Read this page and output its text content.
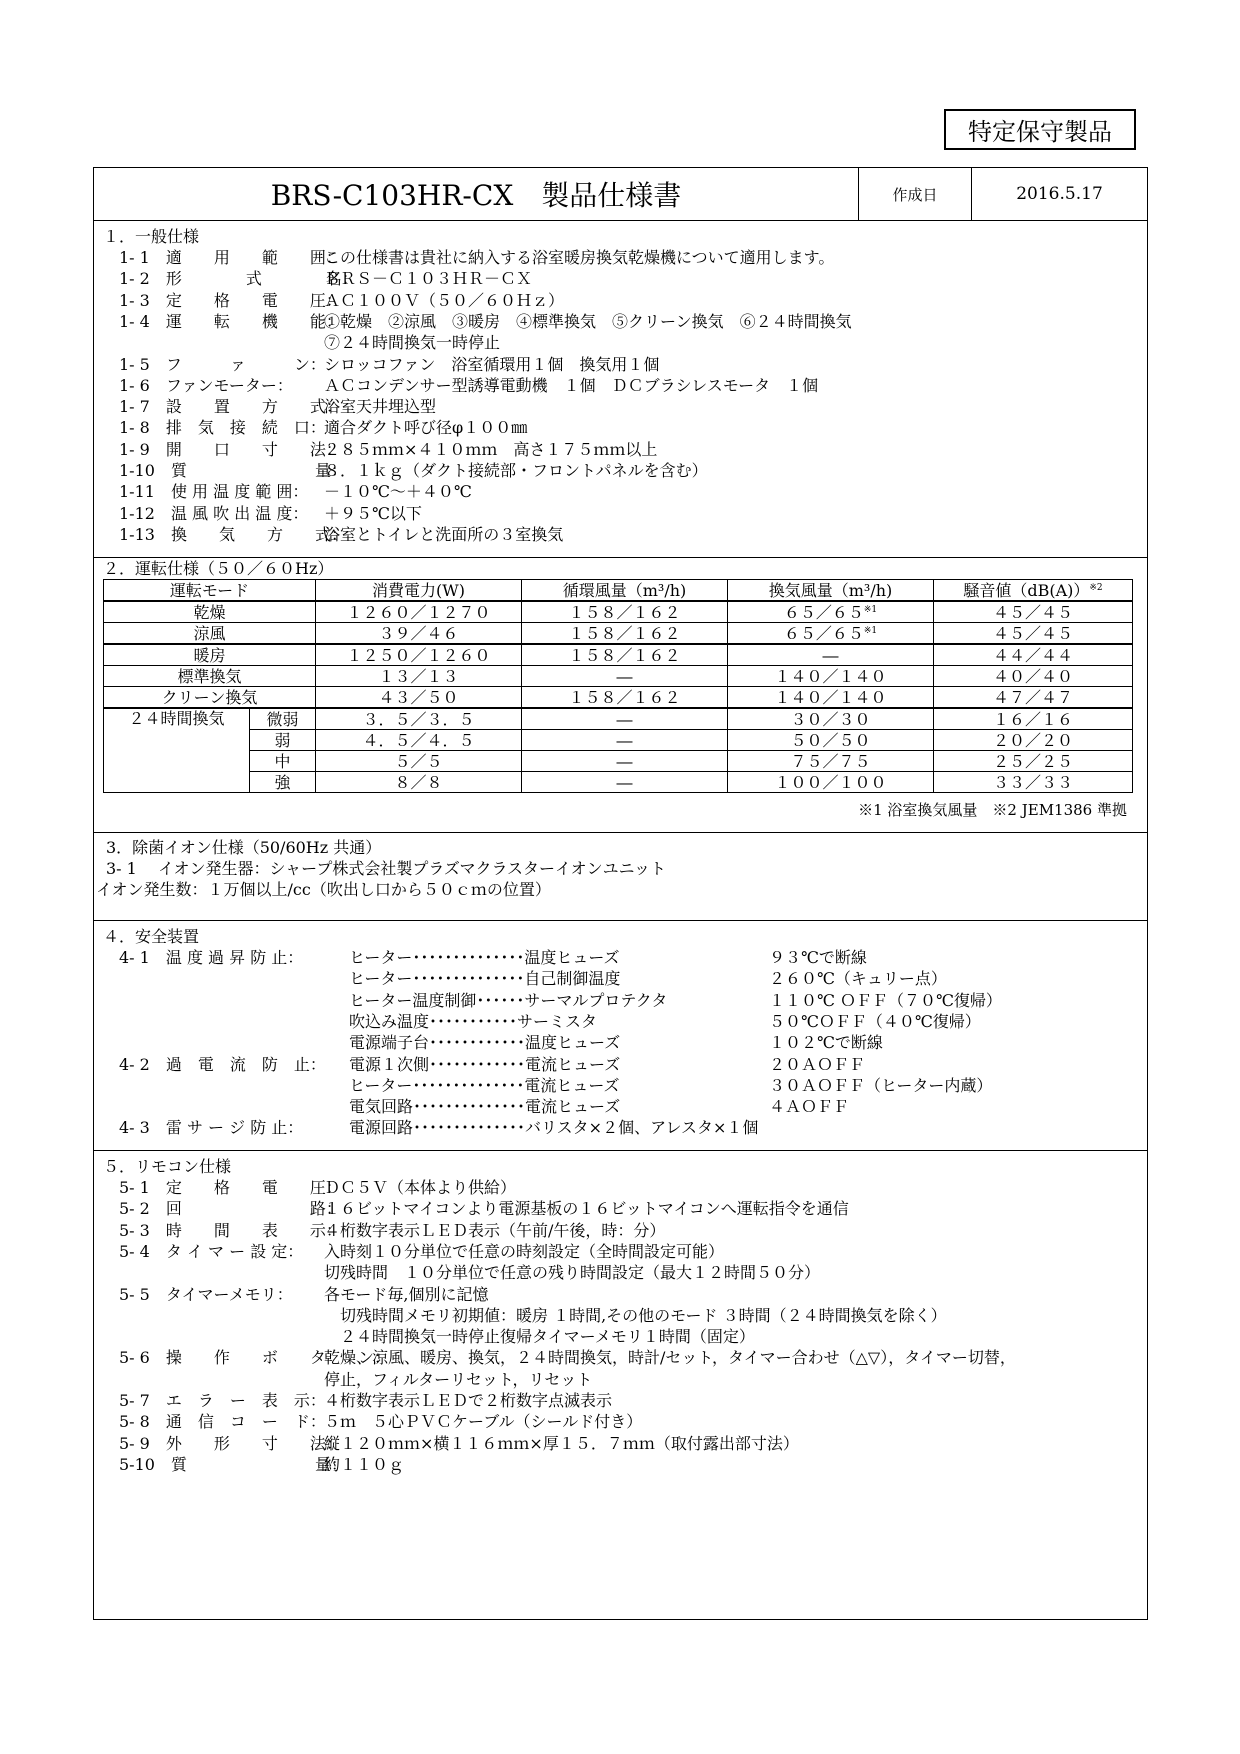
特定保守製品
BRS-C103HR-CX　製品仕様書	作成日	2016.5.17
１．一般仕様
1- 1　適　　用　　範　　囲：
この仕様書は貴社に納入する浴室暖房換気乾燥機について適用します。
1- 2　形　　　　式　　　　名：
ＢＲＳ－Ｃ１０３ＨＲ－ＣＸ
1- 3　定　　格　　電　　圧：
ＡＣ１００Ｖ（５０／６０Ｈｚ）
1- 4　運　　転　　機　　能：
①乾燥　②涼風　③暖房　④標準換気　⑤クリーン換気　⑥２４時間換気
⑦２４時間換気一時停止
1- 5　フ　　　ァ　　　ン：
シロッコファン　浴室循環用１個　換気用１個
1- 6　ファンモーター： ＡＣコンデンサー型誘導電動機　１個　ＤＣブラシレスモータ　１個
1- 7　設　　置　　方　　式：
浴室天井埋込型
1- 8　排　気　接　続　口：
適合ダクト呼び径φ１００㎜
1- 9　開　　口　　寸　　法：
２８５ｍｍ×４１０ｍｍ　高さ１７５ｍｍ以上
1-10　質　　　　　　　　量：
８．１ｋｇ（ダクト接続部・フロントパネルを含む）
1-11　使 用 温 度 範 囲： －１０℃～＋４０℃
1-12　温 風 吹 出 温 度： ＋９５℃以下
1-13　換　　気　　方　　式：
浴室とトイレと洗面所の３室換気
２．運転仕様（５０／６０Hz）
運転モード		消費電力(W)	循環風量（m³/h)	換気風量（m³/h)	騒音値$(dB(A))^{※2}$
乾燥		１２６０／１２７０	１５８／１６２	６５／６５$^{※1}$	４５／４５
涼風		３９／４６	１５８／１６２	６５／６５$^{※1}$	４５／４５
暖房		１２５０／１２６０	１５８／１６２	―	４４／４４
標準換気		１３／１３	―	１４０／１４０	４０／４０
クリーン換気		４３／５０	１５８／１６２	１４０／１４０	４７／４７
２４時間換気	微弱	３．５／３．５	―	３０／３０	１６／１６
	弱	４．５／４．５	―	５０／５０	２０／２０
	中	５／５	―	７５／７５	２５／２５
	強	８／８	―	１００／１００	３３／３３
※1 浴室換気風量　※2 JEM1386 準拠
3．除菌イオン仕様（50/60Hz 共通）
3- 1　 イオン発生器：シャープ株式会社製プラズマクラスターイオンユニット
イオン発生数：１万個以上/cc（吹出し口から５０ｃｍの位置）
４．安全装置
4- 1　温 度 過 昇 防 止：	ヒーター･･････････････温度ヒューズ	９３℃で断線
ヒーター･･････････････自己制御温度	２６０℃（キュリー点）
ヒーター温度制御･･････サーマルプロテクタ	１１０℃ ＯＦＦ（７０℃復帰）
吹込み温度･･･････････サーミスタ	５０℃ＯＦＦ（４０℃復帰）
電源端子台････････････温度ヒューズ	１０２℃で断線
4- 2　過　電　流　防　止： 電源１次側････････････電流ヒューズ	２０ＡＯＦＦ
ヒーター･･････････････電流ヒューズ	３０ＡＯＦＦ（ヒーター内蔵）
電気回路･･････････････電流ヒューズ	４ＡＯＦＦ
4- 3　雷 サ ー ジ 防 止：	電源回路･･････････････バリスタ×２個、アレスタ×１個
５．リモコン仕様
5- 1　定　　格　　電　　圧：
ＤＣ５Ｖ（本体より供給）
5- 2　回　　　　　　　　路：
１６ビットマイコンより電源基板の１６ビットマイコンへ運転指令を通信
5- 3　時　　間　　表　　示：
４桁数字表示ＬＥＤ表示（午前/午後，時：分）
5- 4　タ イ マ ー 設 定： 入時刻１０分単位で任意の時刻設定（全時間設定可能）
切残時間　１０分単位で任意の残り時間設定（最大１２時間５０分）
5- 5　タイマーメモリ： 各モード毎,個別に記憶
　切残時間メモリ初期値：暖房 １時間,その他のモード ３時間（２４時間換気を除く）
　２４時間換気一時停止復帰タイマーメモリ１時間（固定）
5- 6　操　　作　　ボ　　タ　　ン：
乾燥、涼風、暖房、換気，２４時間換気，時計/セット，タイマー合わせ（△▽），タイマー切替，
停止，フィルターリセット，リセット
5- 7　エ　ラ　ー　表　示：
４桁数字表示ＬＥＤで２桁数字点滅表示
5- 8　通　信　コ　ー　ド：
５ｍ　５心ＰＶＣケーブル（シールド付き）
5- 9　外　　形　　寸　　法：
縦１２０ｍｍ×横１１６ｍｍ×厚１５．７ｍｍ（取付露出部寸法）
5-10　質　　　　　　　　量：
約１１０ｇ
